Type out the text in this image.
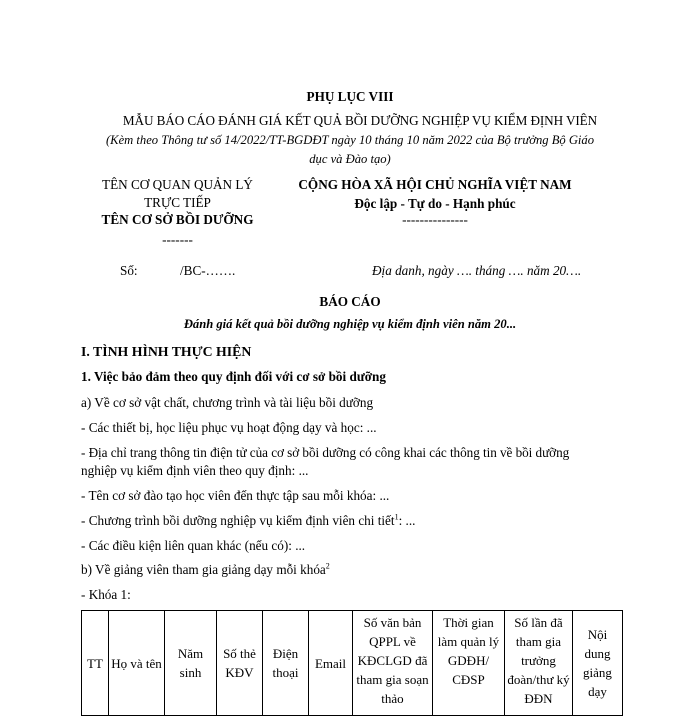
PHỤ LỤC VIII
MẪU BÁO CÁO ĐÁNH GIÁ KẾT QUẢ BỒI DƯỠNG NGHIỆP VỤ KIỂM ĐỊNH VIÊN
(Kèm theo Thông tư số 14/2022/TT-BGDĐT ngày 10 tháng 10 năm 2022 của Bộ trưởng Bộ Giáo
dục và Đào tạo)
TÊN CƠ QUAN QUẢN LÝ
TRỰC TIẾP
TÊN CƠ SỞ BỒI DƯỠNG
-------
CỘNG HÒA XÃ HỘI CHỦ NGHĨA VIỆT NAM
Độc lập - Tự do - Hạnh phúc
---------------
Số:	/BC-…….	Địa danh, ngày …. tháng …. năm 20….
BÁO CÁO
Đánh giá kết quả bồi dưỡng nghiệp vụ kiểm định viên năm 20...
I. TÌNH HÌNH THỰC HIỆN
1. Việc bảo đảm theo quy định đối với cơ sở bồi dưỡng
a) Về cơ sở vật chất, chương trình và tài liệu bồi dưỡng
- Các thiết bị, học liệu phục vụ hoạt động dạy và học: ...
- Địa chỉ trang thông tin điện tử của cơ sở bồi dưỡng có công khai các thông tin về bồi dưỡng
nghiệp vụ kiểm định viên theo quy định: ...
- Tên cơ sở đào tạo học viên đến thực tập sau mỗi khóa: ...
- Chương trình bồi dưỡng nghiệp vụ kiểm định viên chi tiết$^1$: ...
- Các điều kiện liên quan khác (nếu có): ...
b) Về giảng viên tham gia giảng dạy mỗi khóa$^2$
- Khóa 1:
TT	Họ và tên	Năm sinh	Số thẻ KĐV	Điện thoại	Email	Số văn bản QPPL về KĐCLGD đã tham gia soạn thảo	Thời gian làm quản lý GDĐH/ CĐSP	Số lần đã tham gia trưởng đoàn/thư ký ĐĐN	Nội dung giảng dạy
